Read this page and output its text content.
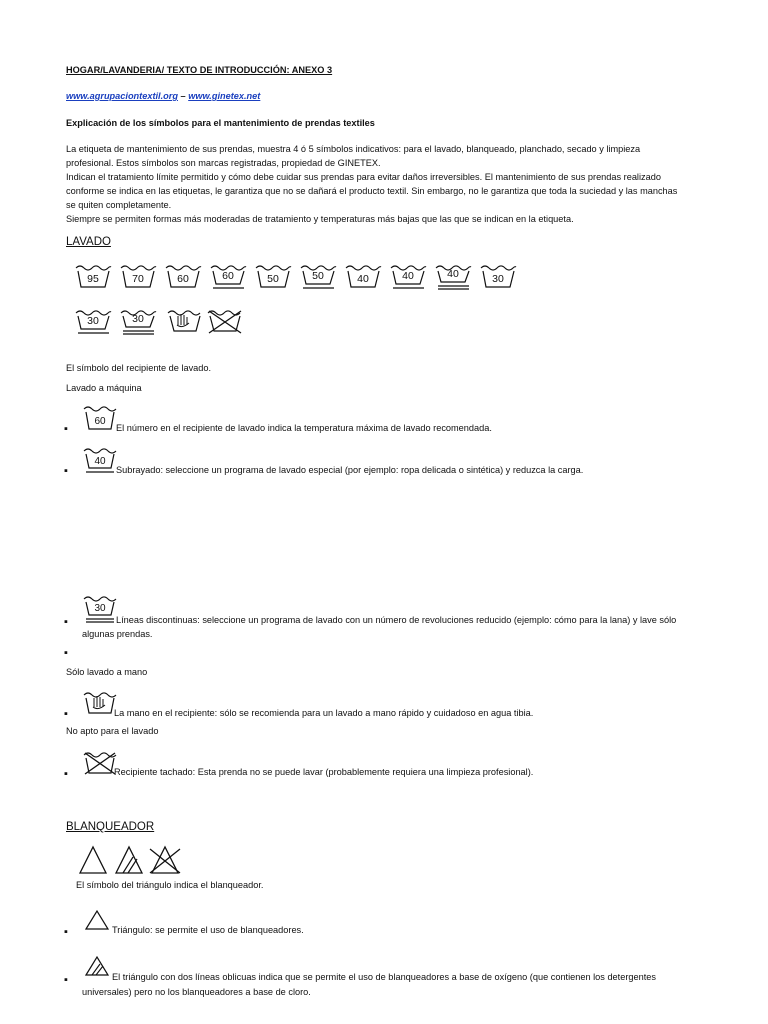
HOGAR/LAVANDERIA/ TEXTO DE INTRODUCCIÓN: ANEXO 3
www.agrupaciontextil.org – www.ginetex.net
Explicación de los símbolos para el mantenimiento de prendas textiles

La etiqueta de mantenimiento de sus prendas, muestra 4 ó 5 símbolos indicativos: para el lavado, blanqueado, planchado, secado y limpieza

profesional. Estos símbolos son marcas registradas, propiedad de GINETEX.

Indican el tratamiento límite permitido y cómo debe cuidar sus prendas para evitar daños irreversibles. El mantenimiento de sus prendas realizado

conforme se indica en las etiquetas, le garantiza que no se dañará el producto textil. Sin embargo, no le garantiza que toda la suciedad y las manchas

se quiten completamente.

Siempre se permiten formas más moderadas de tratamiento y temperaturas más bajas que las que se indican en la etiqueta.

LAVADO
95	70	60	60	50	50	40	40	40	30
30	30
El símbolo del recipiente de lavado.
Lavado a máquina
▪
60
El número en el recipiente de lavado indica la temperatura máxima de lavado recomendada.
▪
40
Subrayado: seleccione un programa de lavado especial (por ejemplo: ropa delicada o sintética) y reduzca la carga.
▪
30
Líneas discontinuas: seleccione un programa de lavado con un número de revoluciones reducido (ejemplo: cómo para la lana) y lave sólo
algunas prendas.
▪
Sólo lavado a mano
▪	La mano en el recipiente: sólo se recomienda para un lavado a mano rápido y cuidadoso en agua tibia.
No apto para el lavado
▪	Recipiente tachado: Esta prenda no se puede lavar (probablemente requiera una limpieza profesional).
BLANQUEADOR
El símbolo del triángulo indica el blanqueador.
▪	Triángulo: se permite el uso de blanqueadores.
▪	El triángulo con dos líneas oblicuas indica que se permite el uso de blanqueadores a base de oxígeno (que contienen los detergentes
universales) pero no los blanqueadores a base de cloro.
